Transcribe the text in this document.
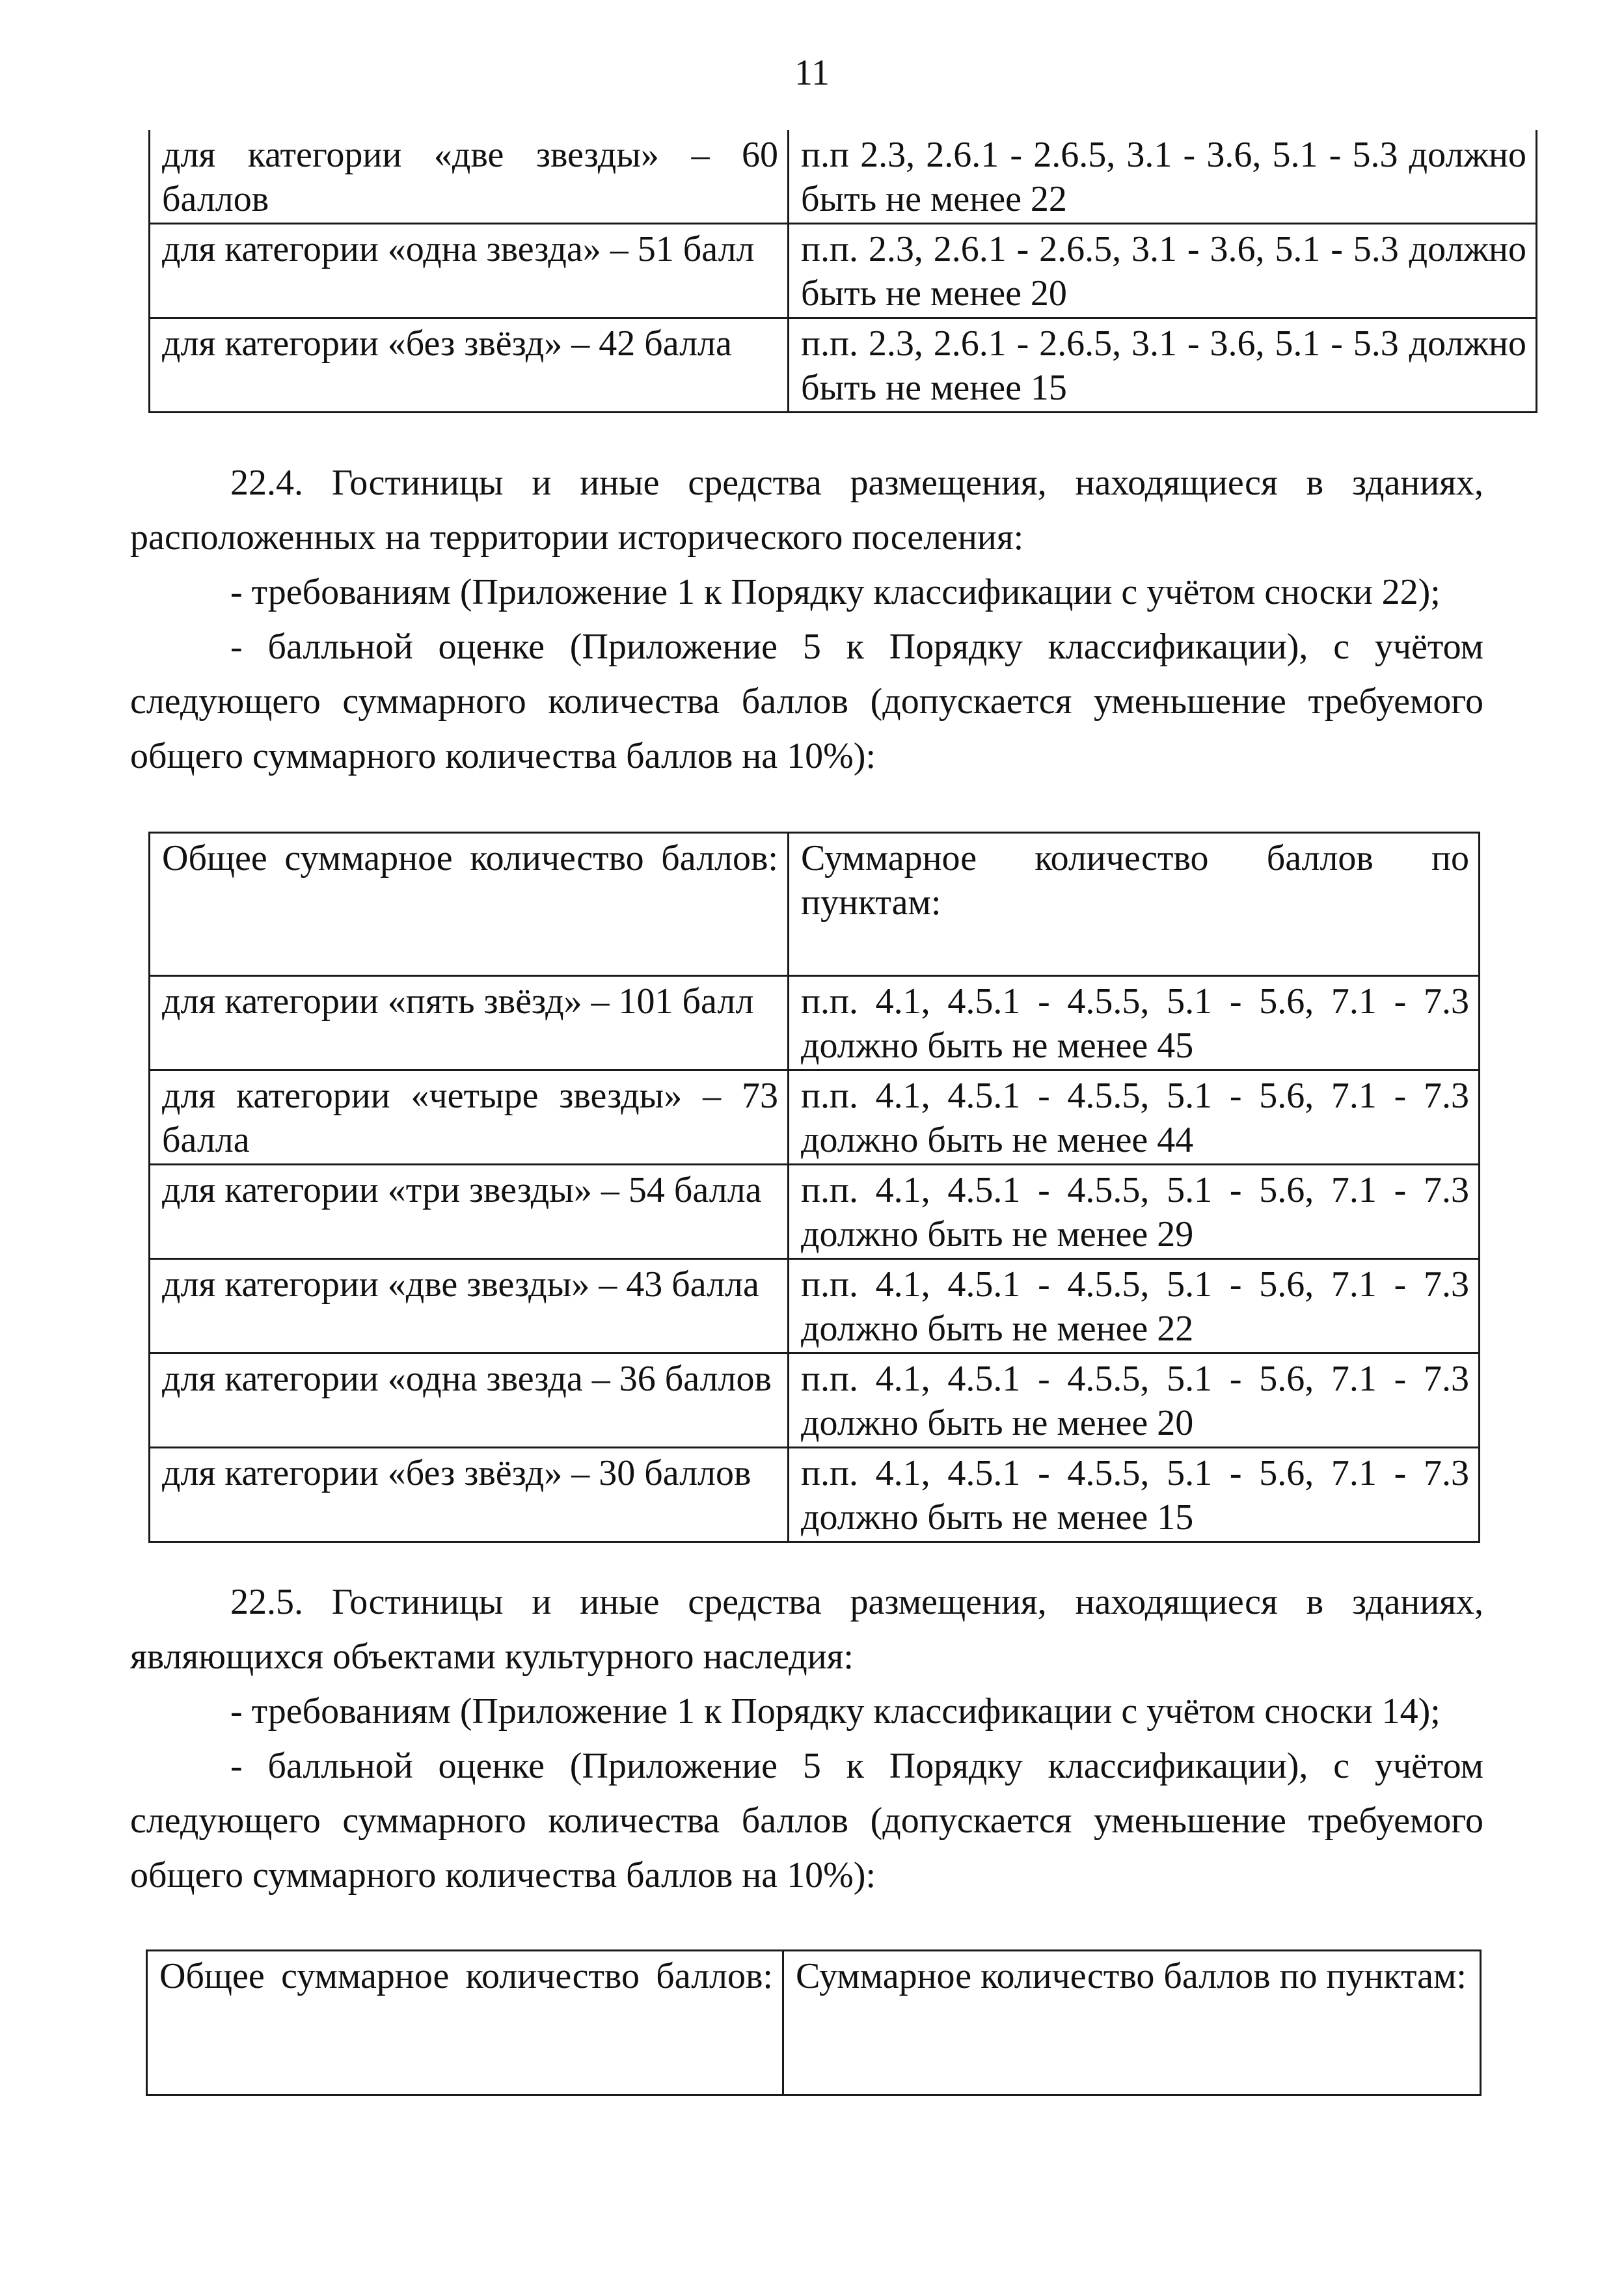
11
для категории «две звезды» – 60 баллов	п.п 2.3, 2.6.1 - 2.6.5, 3.1 - 3.6, 5.1 - 5.3 должно быть не менее 22
для категории «одна звезда» – 51 балл	п.п. 2.3, 2.6.1 - 2.6.5, 3.1 - 3.6, 5.1 - 5.3 должно быть не менее 20
для категории «без звёзд» – 42 балла	п.п. 2.3, 2.6.1 - 2.6.5, 3.1 - 3.6, 5.1 - 5.3 должно быть не менее 15

22.4. Гостиницы и иные средства размещения, находящиеся в зданиях, расположенных на территории исторического поселения:

- требованиям (Приложение 1 к Порядку классификации с учётом сноски 22);

- балльной оценке (Приложение 5 к Порядку классификации), с учётом следующего суммарного количества баллов (допускается уменьшение требуемого общего суммарного количества баллов на 10%):

Общее суммарное количество баллов:	Суммарное количество баллов по пунктам:
для категории «пять звёзд» – 101 балл	п.п. 4.1, 4.5.1 - 4.5.5, 5.1 - 5.6, 7.1 - 7.3 должно быть не менее 45
для категории «четыре звезды» – 73 балла	п.п. 4.1, 4.5.1 - 4.5.5, 5.1 - 5.6, 7.1 - 7.3 должно быть не менее 44
для категории «три звезды» – 54 балла	п.п. 4.1, 4.5.1 - 4.5.5, 5.1 - 5.6, 7.1 - 7.3 должно быть не менее 29
для категории «две звезды» – 43 балла	п.п. 4.1, 4.5.1 - 4.5.5, 5.1 - 5.6, 7.1 - 7.3 должно быть не менее 22
для категории «одна звезда – 36 баллов	п.п. 4.1, 4.5.1 - 4.5.5, 5.1 - 5.6, 7.1 - 7.3 должно быть не менее 20
для категории «без звёзд» – 30 баллов	п.п. 4.1, 4.5.1 - 4.5.5, 5.1 - 5.6, 7.1 - 7.3 должно быть не менее 15

22.5. Гостиницы и иные средства размещения, находящиеся в зданиях, являющихся объектами культурного наследия:

- требованиям (Приложение 1 к Порядку классификации с учётом сноски 14);

- балльной оценке (Приложение 5 к Порядку классификации), с учётом следующего суммарного количества баллов (допускается уменьшение требуемого общего суммарного количества баллов на 10%):

Общее суммарное количество баллов:	Суммарное количество баллов по пунктам:
